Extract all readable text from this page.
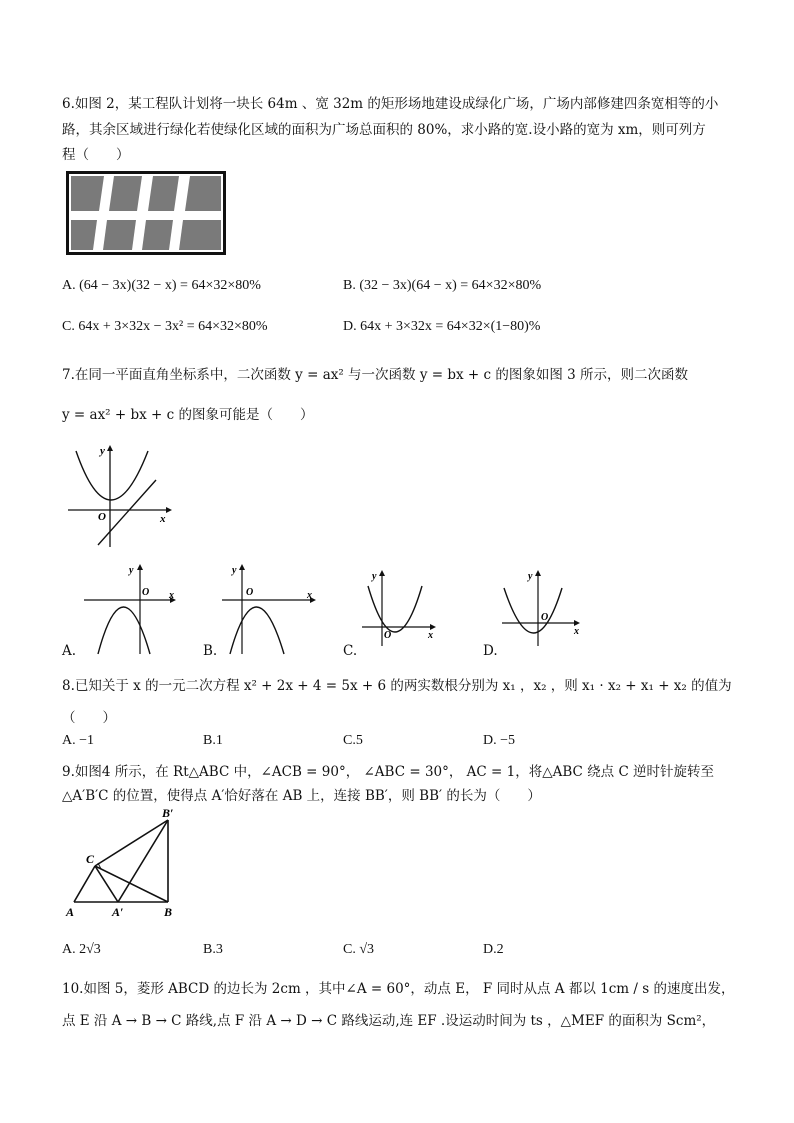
6.如图 2，某工程队计划将一块长 64m 、宽 32m 的矩形场地建设成绿化广场，广场内部修建四条宽相等的小
路，其余区域进行绿化若使绿化区域的面积为广场总面积的 80%，求小路的宽.设小路的宽为 xm，则可列方
程（　　）
A. (64 − 3x)(32 − x) = 64×32×80%	B. (32 − 3x)(64 − x) = 64×32×80%
C. 64x + 3×32x − 3x² = 64×32×80%	D. 64x + 3×32x = 64×32×(1−80)%
7.在同一平面直角坐标系中，二次函数 y = ax² 与一次函数 y = bx + c 的图象如图 3 所示，则二次函数
y = ax² + bx + c 的图象可能是（　　）
y
x
O
y
x
O
A.
y
x
O
B.
y
x
O
C.
y
x
O
D.
8.已知关于 x 的一元二次方程 x² + 2x + 4 = 5x + 6 的两实数根分别为 x₁ ，x₂ ，则 x₁ · x₂ + x₁ + x₂ 的值为
（　　）
A. −1	B.1	C.5	D. −5
9.如图4 所示，在 Rt△ABC 中，∠ACB = 90°， ∠ABC = 30°， AC = 1，将△ABC 绕点 C 逆时针旋转至
△A′B′C 的位置，使得点 A′恰好落在 AB 上，连接 BB′，则 BB′ 的长为（　　）
B′
C
A	A′	B
A. 2√3	B.3	C. √3	D.2
10.如图 5，菱形 ABCD 的边长为 2cm ，其中∠A = 60°，动点 E， F 同时从点 A 都以 1cm / s 的速度出发，
点 E 沿 A → B → C 路线,点 F 沿 A → D → C 路线运动,连 EF .设运动时间为 ts ，△MEF 的面积为 Scm²，
